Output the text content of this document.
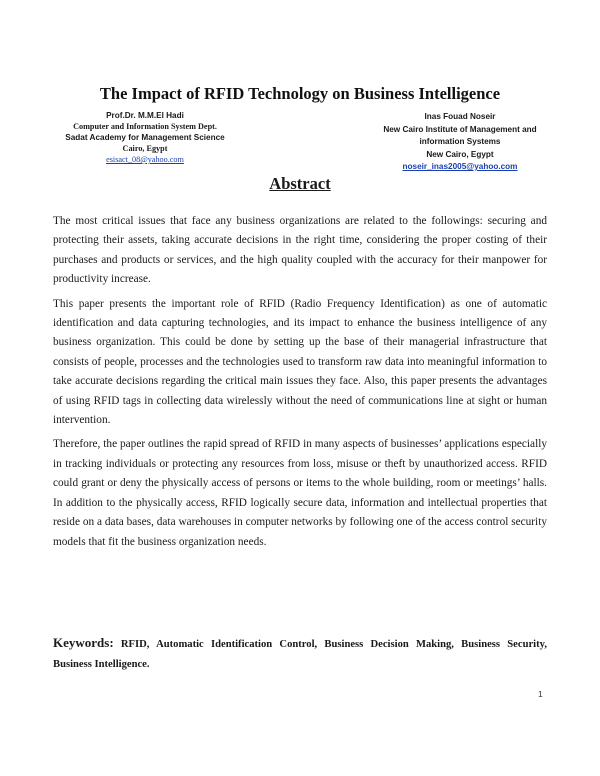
The Impact of RFID Technology on Business Intelligence
Prof.Dr. M.M.El Hadi
Computer and Information System Dept.
Sadat Academy for Management Science
Cairo, Egypt
esisact_08@yahoo.com
Inas Fouad Noseir
New Cairo Institute of Management and
information Systems
New Cairo, Egypt
noseir_inas2005@yahoo.com
Abstract

The most critical issues that face any business organizations are related to the followings: securing and protecting their assets, taking accurate decisions in the right time, considering the proper costing of their purchases and products or services, and the high quality coupled with the accuracy for their manpower for productivity increase.

This paper presents the important role of RFID (Radio Frequency Identification) as one of automatic identification and data capturing technologies, and its impact to enhance the business intelligence of any business organization. This could be done by setting up the base of their managerial infrastructure that consists of people, processes and the technologies used to transform raw data into meaningful information to take accurate decisions regarding the critical main issues they face. Also, this paper presents the advantages of using RFID tags in collecting data wirelessly without the need of communications line at sight or human intervention.

Therefore, the paper outlines the rapid spread of RFID in many aspects of businesses’ applications especially in tracking individuals or protecting any resources from loss, misuse or theft by unauthorized access. RFID could grant or deny the physically access of persons or items to the whole building, room or meetings’ halls. In addition to the physically access, RFID logically secure data, information and intellectual properties that reside on a data bases, data warehouses in computer networks by following one of the access control security models that fit the business organization needs.

Keywords: RFID, Automatic Identification Control, Business Decision Making, Business Security, Business Intelligence.
1
